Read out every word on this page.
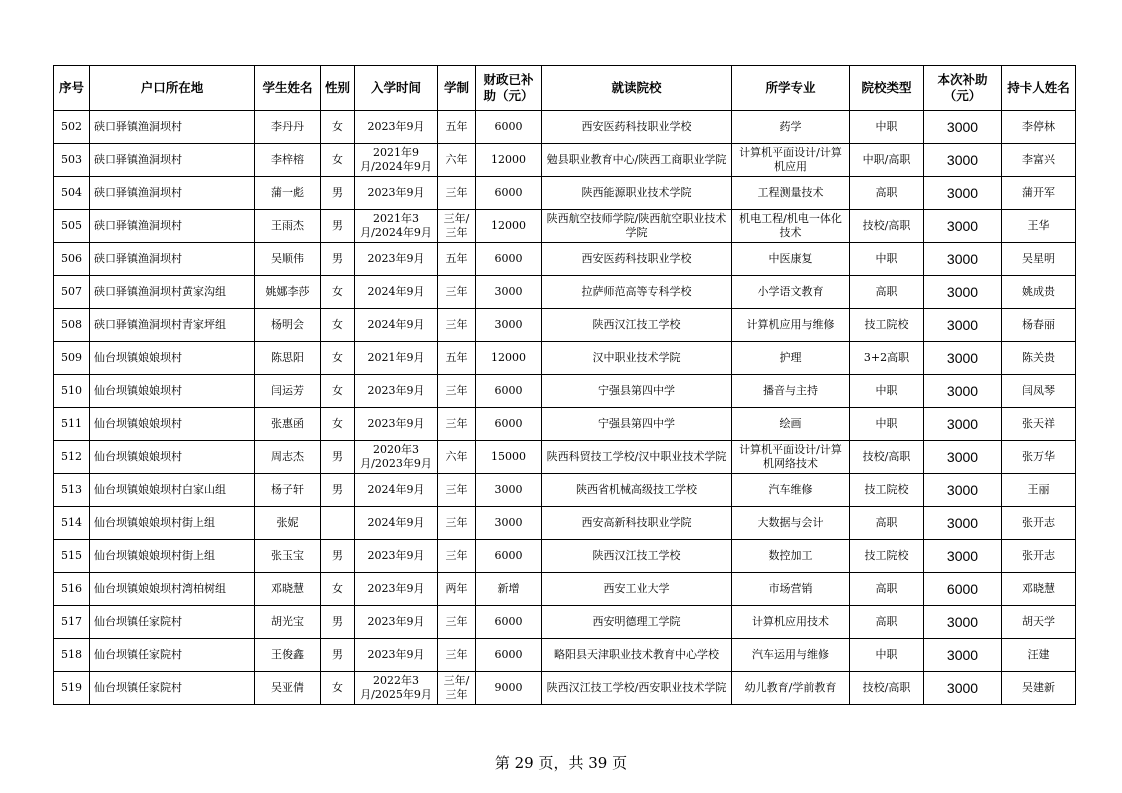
序号	户口所在地	学生姓名	性别	入学时间	学制	财政已补助（元）	就读院校	所学专业	院校类型	本次补助（元）	持卡人姓名
502	硖口驿镇渔洞坝村	李丹丹	女	2023年9月	五年	6000	西安医药科技职业学校	药学	中职	3000	李停林
503	硖口驿镇渔洞坝村	李梓榕	女	2021年9月/2024年9月	六年	12000	勉县职业教育中心/陕西工商职业学院	计算机平面设计/计算机应用	中职/高职	3000	李富兴
504	硖口驿镇渔洞坝村	蒲一彪	男	2023年9月	三年	6000	陕西能源职业技术学院	工程测量技术	高职	3000	蒲开军
505	硖口驿镇渔洞坝村	王雨杰	男	2021年3月/2024年9月	三年/三年	12000	陕西航空技师学院/陕西航空职业技术学院	机电工程/机电一体化技术	技校/高职	3000	王华
506	硖口驿镇渔洞坝村	吴顺伟	男	2023年9月	五年	6000	西安医药科技职业学校	中医康复	中职	3000	吴星明
507	硖口驿镇渔洞坝村黄家沟组	姚娜李莎	女	2024年9月	三年	3000	拉萨师范高等专科学校	小学语文教育	高职	3000	姚成贵
508	硖口驿镇渔洞坝村青家坪组	杨明会	女	2024年9月	三年	3000	陕西汉江技工学校	计算机应用与维修	技工院校	3000	杨春丽
509	仙台坝镇娘娘坝村	陈思阳	女	2021年9月	五年	12000	汉中职业技术学院	护理	3+2高职	3000	陈关贵
510	仙台坝镇娘娘坝村	闫运芳	女	2023年9月	三年	6000	宁强县第四中学	播音与主持	中职	3000	闫凤琴
511	仙台坝镇娘娘坝村	张惠函	女	2023年9月	三年	6000	宁强县第四中学	绘画	中职	3000	张天祥
512	仙台坝镇娘娘坝村	周志杰	男	2020年3月/2023年9月	六年	15000	陕西科贸技工学校/汉中职业技术学院	计算机平面设计/计算机网络技术	技校/高职	3000	张万华
513	仙台坝镇娘娘坝村白家山组	杨子轩	男	2024年9月	三年	3000	陕西省机械高级技工学校	汽车维修	技工院校	3000	王丽
514	仙台坝镇娘娘坝村街上组	张妮		2024年9月	三年	3000	西安高新科技职业学院	大数据与会计	高职	3000	张开志
515	仙台坝镇娘娘坝村街上组	张玉宝	男	2023年9月	三年	6000	陕西汉江技工学校	数控加工	技工院校	3000	张开志
516	仙台坝镇娘娘坝村湾柏树组	邓晓慧	女	2023年9月	两年	新增	西安工业大学	市场营销	高职	6000	邓晓慧
517	仙台坝镇任家院村	胡光宝	男	2023年9月	三年	6000	西安明德理工学院	计算机应用技术	高职	3000	胡天学
518	仙台坝镇任家院村	王俊鑫	男	2023年9月	三年	6000	略阳县天津职业技术教育中心学校	汽车运用与维修	中职	3000	汪建
519	仙台坝镇任家院村	吴亚倩	女	2022年3月/2025年9月	三年/三年	9000	陕西汉江技工学校/西安职业技术学院	幼儿教育/学前教育	技校/高职	3000	吴建新
第 29 页，共 39 页
